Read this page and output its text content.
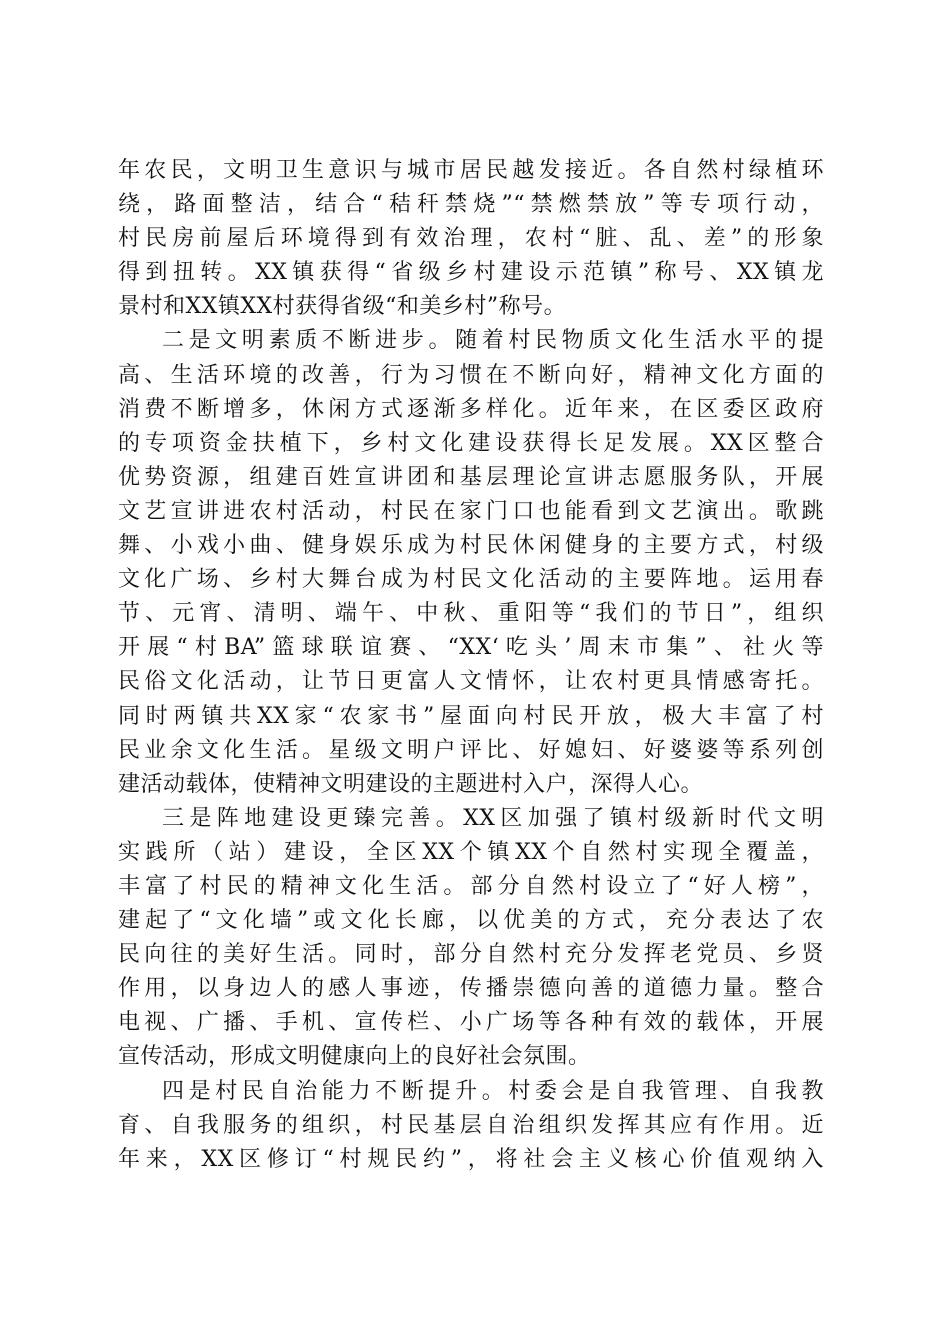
年农民，文明卫生意识与城市居民越发接近。各自然村绿植环
绕，路面整洁，结合“秸秆禁烧”“禁燃禁放”等专项行动，
村民房前屋后环境得到有效治理，农村“脏、乱、差”的形象
得到扭转。XX镇获得“省级乡村建设示范镇”称号、XX镇龙
景村和XX镇XX村获得省级“和美乡村”称号。
二是文明素质不断进步。随着村民物质文化生活水平的提
高、生活环境的改善，行为习惯在不断向好，精神文化方面的
消费不断增多，休闲方式逐渐多样化。近年来，在区委区政府
的专项资金扶植下，乡村文化建设获得长足发展。XX区整合
优势资源，组建百姓宣讲团和基层理论宣讲志愿服务队，开展
文艺宣讲进农村活动，村民在家门口也能看到文艺演出。歌跳
舞、小戏小曲、健身娱乐成为村民休闲健身的主要方式，村级
文化广场、乡村大舞台成为村民文化活动的主要阵地。运用春
节、元宵、清明、端午、中秋、重阳等“我们的节日”，组织
开展“村BA”篮球联谊赛、“XX‘吃头’周末市集”、社火等
民俗文化活动，让节日更富人文情怀，让农村更具情感寄托。
同时两镇共XX家“农家书”屋面向村民开放，极大丰富了村
民业余文化生活。星级文明户评比、好媳妇、好婆婆等系列创
建活动载体，使精神文明建设的主题进村入户，深得人心。
三是阵地建设更臻完善。XX区加强了镇村级新时代文明
实践所（站）建设，全区XX个镇XX个自然村实现全覆盖，
丰富了村民的精神文化生活。部分自然村设立了“好人榜”，
建起了“文化墙”或文化长廊，以优美的方式，充分表达了农
民向往的美好生活。同时，部分自然村充分发挥老党员、乡贤
作用，以身边人的感人事迹，传播崇德向善的道德力量。整合
电视、广播、手机、宣传栏、小广场等各种有效的载体，开展
宣传活动，形成文明健康向上的良好社会氛围。
四是村民自治能力不断提升。村委会是自我管理、自我教
育、自我服务的组织，村民基层自治组织发挥其应有作用。近
年来，XX区修订“村规民约”，将社会主义核心价值观纳入
